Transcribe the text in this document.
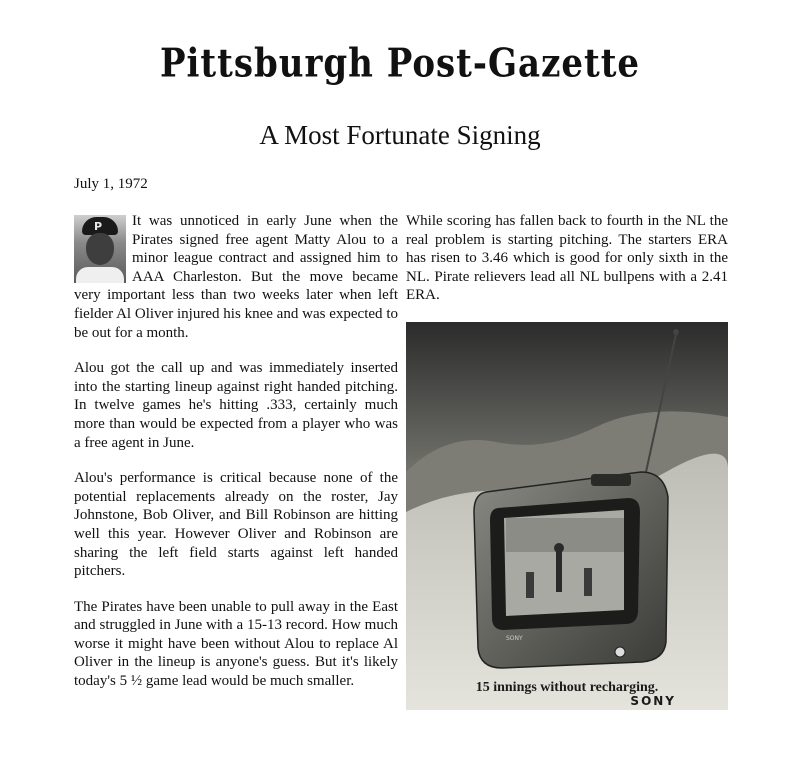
Pittsburgh Post-Gazette
A Most Fortunate Signing
July 1, 1972

P It was unnoticed in early June when the Pirates signed free agent Matty Alou to a minor league contract and assigned him to AAA Charleston. But the move became very important less than two weeks later when left fielder Al Oliver injured his knee and was expected to be out for a month.

Alou got the call up and was immediately inserted into the starting lineup against right handed pitching. In twelve games he's hitting .333, certainly much more than would be expected from a player who was a free agent in June.

Alou's performance is critical because none of the potential replacements already on the roster, Jay Johnstone, Bob Oliver, and Bill Robinson are hitting well this year. However Oliver and Robinson are sharing the left field starts against left handed pitchers.

The Pirates have been unable to pull away in the East and struggled in June with a 15-13 record. How much worse it might have been without Alou to replace Al Oliver in the lineup is anyone's guess. But it's likely today's 5 ½ game lead would be much smaller.

While scoring has fallen back to fourth in the NL the real problem is starting pitching. The starters ERA has risen to 3.46 which is good for only sixth in the NL. Pirate relievers lead all NL bullpens with a 2.41 ERA.

SONY
15 innings without recharging.
SONY
